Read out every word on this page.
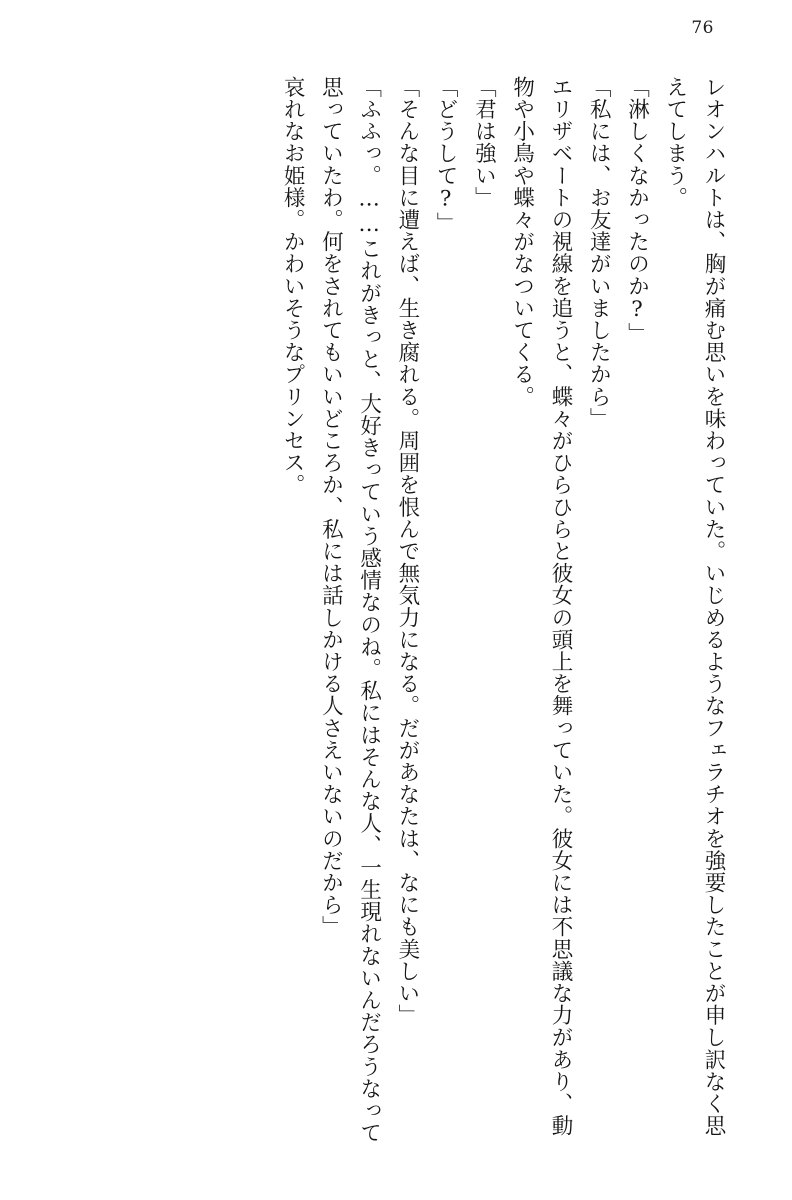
76

レオンハルトは、胸が痛む思いを味わっていた。いじめるようなフェラチオを強要したことが申し訳なく思えてしまう。

「淋しくなかったのか?」

「私には、お友達がいましたから」

エリザベートの視線を追うと、蝶々がひらひらと彼女の頭上を舞っていた。彼女には不思議な力があり、動物や小鳥や蝶々がなついてくる。

「君は強い」

「どうして?」

「そんな目に遭えば、生き腐れる。周囲を恨んで無気力になる。だがあなたは、なにも美しい」

「ふふっ。……これがきっと、大好きっていう感情なのね。私にはそんな人、一生現れないんだろうなって思っていたわ。何をされてもいいどころか、私には話しかける人さえいないのだから」

哀れなお姫様。かわいそうなプリンセス。
